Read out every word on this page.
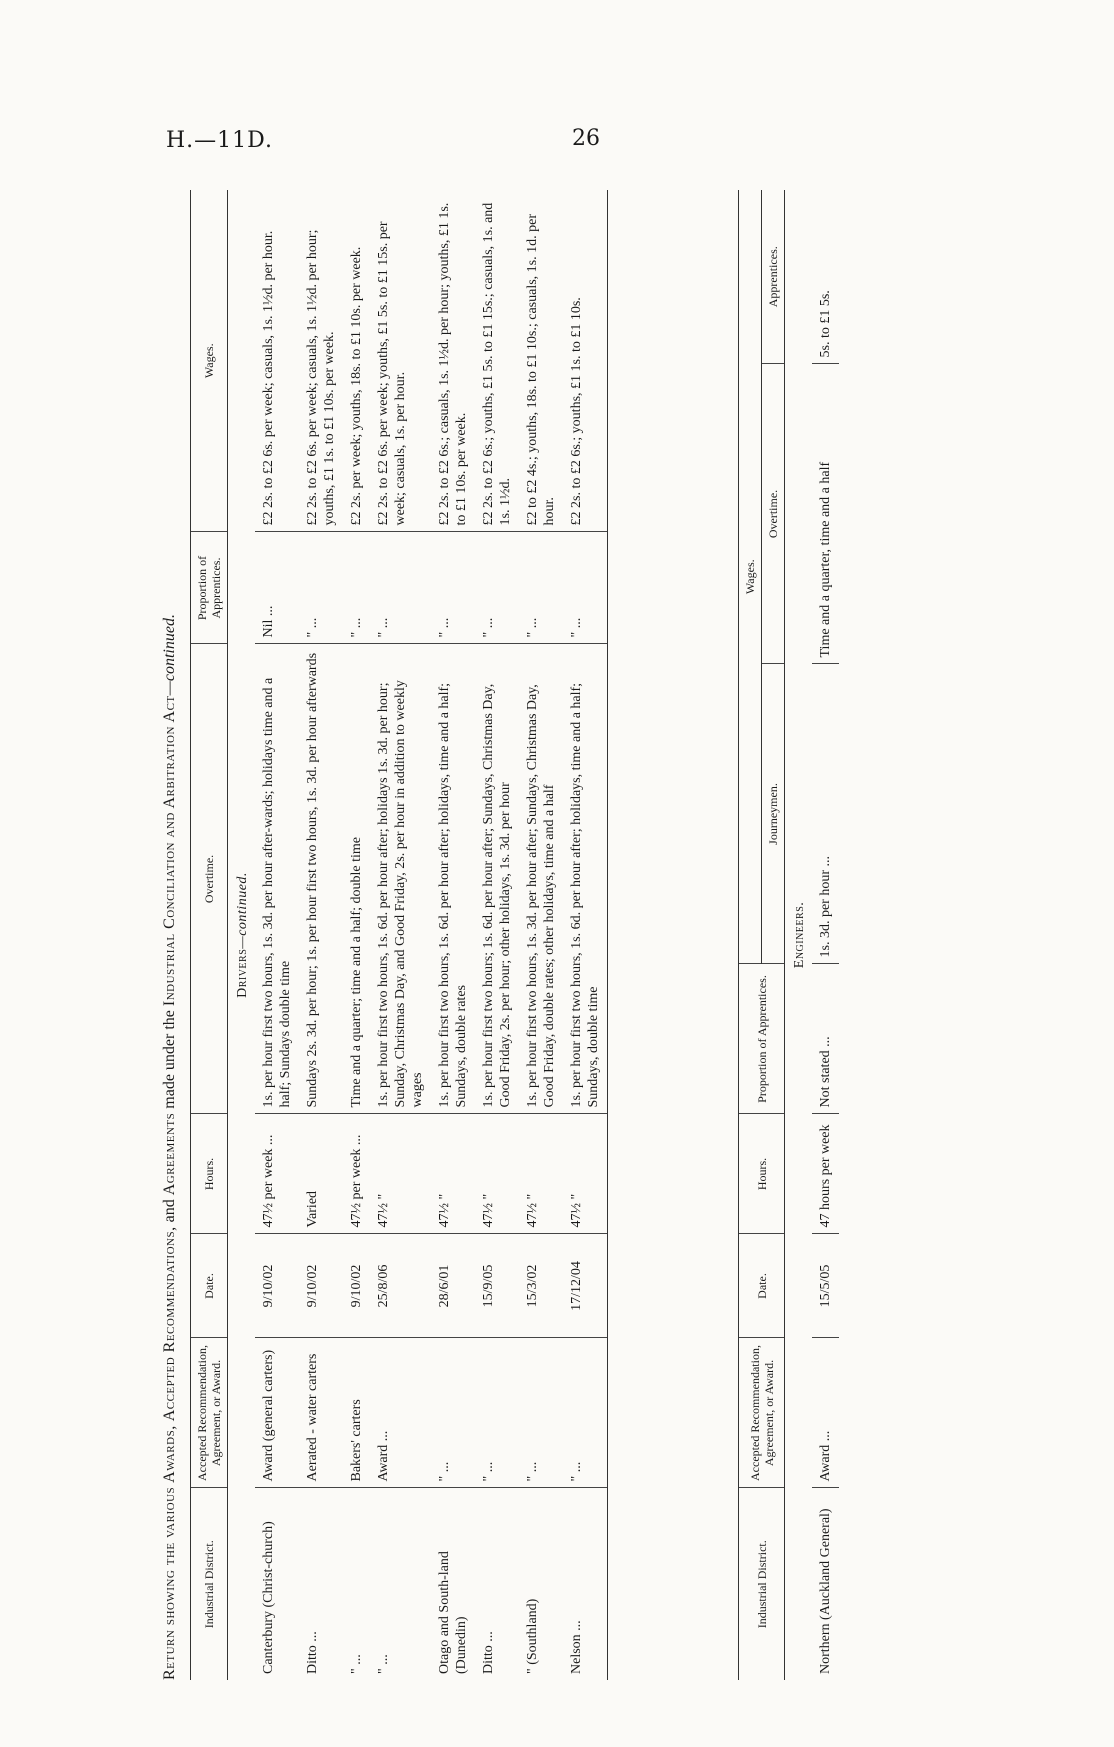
H.—11D.	26
Return showing the various Awards, Accepted Recommendations, and Agreements made under the Industrial Conciliation and Arbitration Act—continued.
Industrial District.	Accepted Recommendation, Agreement, or Award.	Date.	Hours.	Overtime.	Proportion of Apprentices.	Wages.
Drivers—continued.						
Canterbury (Christ-church)	Award (general carters)	9/10/02	47½ per week ...	1s. per hour first two hours, 1s. 3d. per hour after-wards; holidays time and a half; Sundays double time	Nil ...	£2 2s. to £2 6s. per week; casuals, 1s. 1½d. per hour.
Ditto ...	Aerated - water carters	9/10/02	Varied	Sundays 2s. 3d. per hour; 1s. per hour first two hours, 1s. 3d. per hour afterwards	" ...	£2 2s. to £2 6s. per week; casuals, 1s. 1½d. per hour; youths, £1 1s. to £1 10s. per week.
" ...	Bakers' carters	9/10/02	47½ per week ...	Time and a quarter; time and a half; double time	" ...	£2 2s. per week; youths, 18s. to £1 10s. per week.
" ...	Award ...	25/8/06	47½ "	1s. per hour first two hours, 1s. 6d. per hour after; holidays 1s. 3d. per hour; Sunday, Christmas Day, and Good Friday, 2s. per hour in addition to weekly wages	" ...	£2 2s. to £2 6s. per week; youths, £1 5s. to £1 15s. per week; casuals, 1s. per hour.
Otago and South-land (Dunedin)	" ...	28/6/01	47½ "	1s. per hour first two hours, 1s. 6d. per hour after; holidays, time and a half; Sundays, double rates	" ...	£2 2s. to £2 6s.; casuals, 1s. 1½d. per hour; youths, £1 1s. to £1 10s. per week.
Ditto ...	" ...	15/9/05	47½ "	1s. per hour first two hours; 1s. 6d. per hour after; Sundays, Christmas Day, Good Friday, 2s. per hour; other holidays, 1s. 3d. per hour	" ...	£2 2s. to £2 6s.; youths, £1 5s. to £1 15s.; casuals, 1s. and 1s. 1½d.
" (Southland)	" ...	15/3/02	47½ "	1s. per hour first two hours, 1s. 3d. per hour after; Sundays, Christmas Day, Good Friday, double rates; other holidays, time and a half	" ...	£2 to £2 4s.; youths, 18s. to £1 10s.; casuals, 1s. 1d. per hour.
Nelson ...	" ...	17/12/04	47½ "	1s. per hour first two hours, 1s. 6d. per hour after; holidays, time and a half; Sundays, double time	" ...	£2 2s. to £2 6s.; youths, £1 1s. to £1 10s.
Industrial District.	Accepted Recommendation, Agreement, or Award.	Date.	Hours.	Proportion of Apprentices.	Wages.		
					Journeymen.	Overtime.	Apprentices.
Engineers.							
Northern (Auckland General)	Award ...	15/5/05	47 hours per week	Not stated ...	1s. 3d. per hour ...	Time and a quarter, time and a half	5s. to £1 5s.
